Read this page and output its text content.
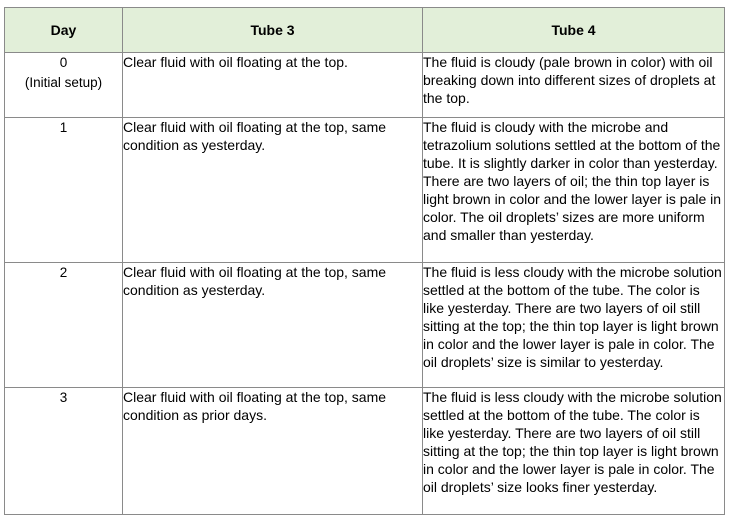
Day	Tube 3	Tube 4

0
(Initial setup)	Clear fluid with oil floating at the top.	The fluid is cloudy (pale brown in color) with oil breaking down into different sizes of droplets at the top.

1	Clear fluid with oil floating at the top, same condition as yesterday.	The fluid is cloudy with the microbe and tetrazolium solutions settled at the bottom of the tube. It is slightly darker in color than yesterday. There are two layers of oil; the thin top layer is light brown in color and the lower layer is pale in color. The oil droplets’ sizes are more uniform and smaller than yesterday.

2	Clear fluid with oil floating at the top, same condition as yesterday.	The fluid is less cloudy with the microbe solution settled at the bottom of the tube. The color is like yesterday. There are two layers of oil still sitting at the top; the thin top layer is light brown in color and the lower layer is pale in color. The oil droplets’ size is similar to yesterday.

3	Clear fluid with oil floating at the top, same condition as prior days.	The fluid is less cloudy with the microbe solution settled at the bottom of the tube. The color is like yesterday. There are two layers of oil still sitting at the top; the thin top layer is light brown in color and the lower layer is pale in color. The oil droplets’ size looks finer yesterday.
